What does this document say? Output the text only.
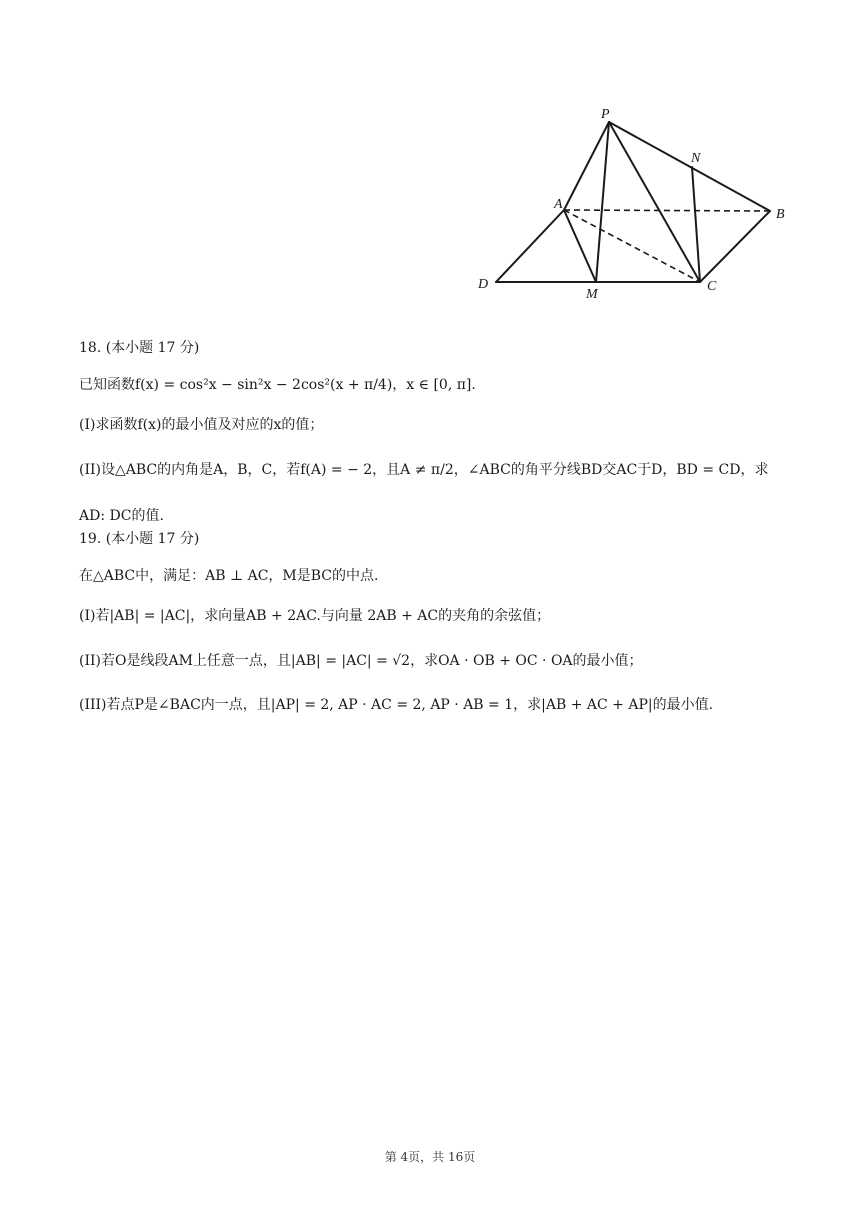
P
N
A
B
D
M
C
18. (本小题 17 分)
已知函数f(x) = cos²x − sin²x − 2cos²(x + π/4)，x ∈ [0, π].
(I)求函数f(x)的最小值及对应的x的值；
(II)设△ABC的内角是A，B，C，若f(A) = − 2，且A ≠ π/2，∠ABC的角平分线BD交AC于D，BD = CD，求AD: DC的值.
19. (本小题 17 分)
在△ABC中，满足：AB ⊥ AC，M是BC的中点.
(I)若|AB| = |AC|，求向量AB + 2AC.与向量 2AB + AC的夹角的余弦值；
(II)若O是线段AM上任意一点，且|AB| = |AC| = √2，求OA · OB + OC · OA的最小值；
(III)若点P是∠BAC内一点，且|AP| = 2, AP · AC = 2, AP · AB = 1，求|AB + AC + AP|的最小值.
第 4页，共 16页
